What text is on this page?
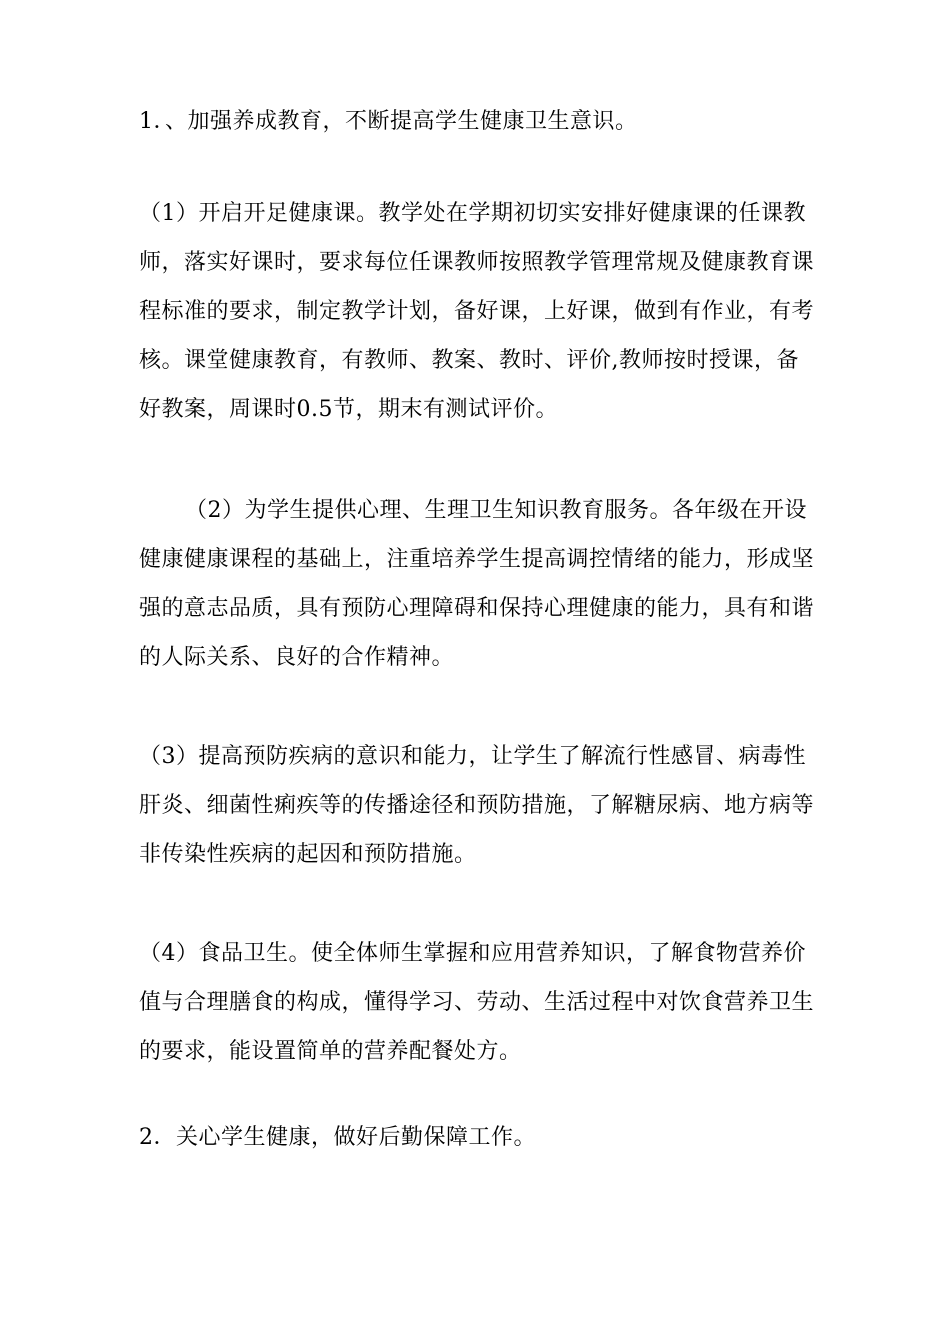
1．、加强养成教育，不断提高学生健康卫生意识。
（1）开启开足健康课。教学处在学期初切实安排好健康课的任课教
师，落实好课时，要求每位任课教师按照教学管理常规及健康教育课
程标准的要求，制定教学计划，备好课，上好课，做到有作业，有考
核。课堂健康教育，有教师、教案、教时、评价,教师按时授课，备
好教案，周课时0.5节，期末有测试评价。
（2）为学生提供心理、生理卫生知识教育服务。各年级在开设
健康健康课程的基础上，注重培养学生提高调控情绪的能力，形成坚
强的意志品质，具有预防心理障碍和保持心理健康的能力，具有和谐
的人际关系、良好的合作精神。
（3）提高预防疾病的意识和能力，让学生了解流行性感冒、病毒性
肝炎、细菌性痢疾等的传播途径和预防措施，了解糖尿病、地方病等
非传染性疾病的起因和预防措施。
（4）食品卫生。使全体师生掌握和应用营养知识，了解食物营养价
值与合理膳食的构成，懂得学习、劳动、生活过程中对饮食营养卫生
的要求，能设置简单的营养配餐处方。
2．关心学生健康，做好后勤保障工作。
